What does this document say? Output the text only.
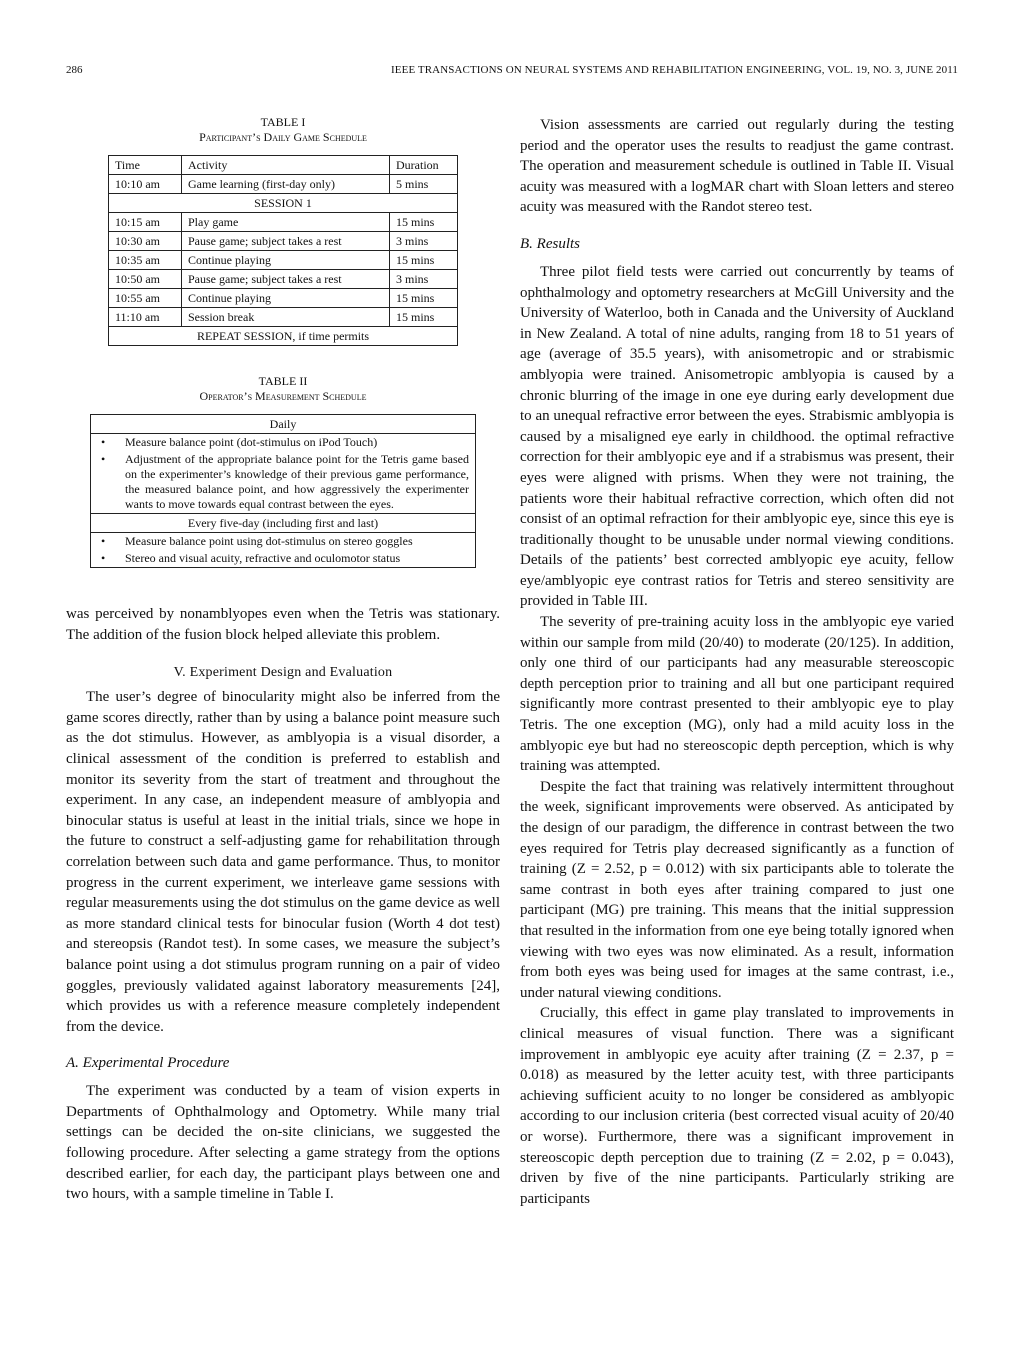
286	IEEE TRANSACTIONS ON NEURAL SYSTEMS AND REHABILITATION ENGINEERING, VOL. 19, NO. 3, JUNE 2011
TABLE I
Participant’s Daily Game Schedule
Time	Activity	Duration
10:10 am	Game learning (first-day only)	5 mins
SESSION 1		
10:15 am	Play game	15 mins
10:30 am	Pause game; subject takes a rest	3 mins
10:35 am	Continue playing	15 mins
10:50 am	Pause game; subject takes a rest	3 mins
10:55 am	Continue playing	15 mins
11:10 am	Session break	15 mins
REPEAT SESSION, if time permits		
TABLE II
Operator’s Measurement Schedule
Daily
•	Measure balance point (dot-stimulus on iPod Touch)
•	Adjustment of the appropriate balance point for the Tetris game based on the experimenter’s knowledge of their previous game performance, the measured balance point, and how aggressively the experimenter wants to move towards equal contrast between the eyes.
Every five-day (including first and last)
•	Measure balance point using dot-stimulus on stereo goggles
•	Stereo and visual acuity, refractive and oculomotor status

was perceived by nonamblyopes even when the Tetris was stationary. The addition of the fusion block helped alleviate this problem.

V. Experiment Design and Evaluation

The user’s degree of binocularity might also be inferred from the game scores directly, rather than by using a balance point measure such as the dot stimulus. However, as amblyopia is a visual disorder, a clinical assessment of the condition is preferred to establish and monitor its severity from the start of treatment and throughout the experiment. In any case, an independent measure of amblyopia and binocular status is useful at least in the initial trials, since we hope in the future to construct a self-adjusting game for rehabilitation through correlation between such data and game performance. Thus, to monitor progress in the current experiment, we interleave game sessions with regular measurements using the dot stimulus on the game device as well as more standard clinical tests for binocular fusion (Worth 4 dot test) and stereopsis (Randot test). In some cases, we measure the subject’s balance point using a dot stimulus program running on a pair of video goggles, previously validated against laboratory measurements [24], which provides us with a reference measure completely independent from the device.

A. Experimental Procedure

The experiment was conducted by a team of vision experts in Departments of Ophthalmology and Optometry. While many trial settings can be decided the on-site clinicians, we suggested the following procedure. After selecting a game strategy from the options described earlier, for each day, the participant plays between one and two hours, with a sample timeline in Table I.

Vision assessments are carried out regularly during the testing period and the operator uses the results to readjust the game contrast. The operation and measurement schedule is outlined in Table II. Visual acuity was measured with a logMAR chart with Sloan letters and stereo acuity was measured with the Randot stereo test.

B. Results

Three pilot field tests were carried out concurrently by teams of ophthalmology and optometry researchers at McGill University and the University of Waterloo, both in Canada and the University of Auckland in New Zealand. A total of nine adults, ranging from 18 to 51 years of age (average of 35.5 years), with anisometropic and or strabismic amblyopia were trained. Anisometropic amblyopia is caused by a chronic blurring of the image in one eye during early development due to an unequal refractive error between the eyes. Strabismic amblyopia is caused by a misaligned eye early in childhood. the optimal refractive correction for their amblyopic eye and if a strabismus was present, their eyes were aligned with prisms. When they were not training, the patients wore their habitual refractive correction, which often did not consist of an optimal refraction for their amblyopic eye, since this eye is traditionally thought to be unusable under normal viewing conditions. Details of the patients’ best corrected amblyopic eye acuity, fellow eye/amblyopic eye contrast ratios for Tetris and stereo sensitivity are provided in Table III.

The severity of pre-training acuity loss in the amblyopic eye varied within our sample from mild (20/40) to moderate (20/125). In addition, only one third of our participants had any measurable stereoscopic depth perception prior to training and all but one participant required significantly more contrast presented to their amblyopic eye to play Tetris. The one exception (MG), only had a mild acuity loss in the amblyopic eye but had no stereoscopic depth perception, which is why training was attempted.

Despite the fact that training was relatively intermittent throughout the week, significant improvements were observed. As anticipated by the design of our paradigm, the difference in contrast between the two eyes required for Tetris play decreased significantly as a function of training (Z = 2.52, p = 0.012) with six participants able to tolerate the same contrast in both eyes after training compared to just one participant (MG) pre training. This means that the initial suppression that resulted in the information from one eye being totally ignored when viewing with two eyes was now eliminated. As a result, information from both eyes was being used for images at the same contrast, i.e., under natural viewing conditions.

Crucially, this effect in game play translated to improvements in clinical measures of visual function. There was a significant improvement in amblyopic eye acuity after training (Z = 2.37, p = 0.018) as measured by the letter acuity test, with three participants achieving sufficient acuity to no longer be considered as amblyopic according to our inclusion criteria (best corrected visual acuity of 20/40 or worse). Furthermore, there was a significant improvement in stereoscopic depth perception due to training (Z = 2.02, p = 0.043), driven by five of the nine participants. Particularly striking are participants
